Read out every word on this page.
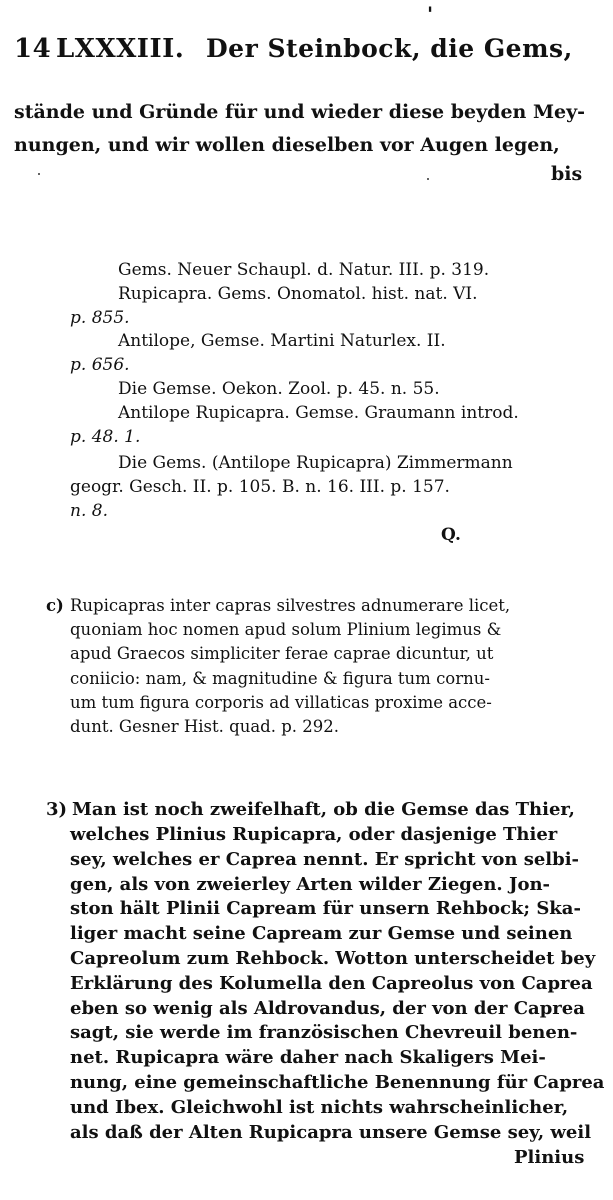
14 LXXXIII. Der Steinbock, die Gems,
'
stände und Gründe für und wieder diese beyden Mey-
nungen, und wir wollen dieselben vor Augen legen,
bis
Gems. Neuer Schaupl. d. Natur. III. p. 319.
Rupicapra. Gems. Onomatol. hist. nat. VI.
p. 855.
Antilope, Gemse. Martini Naturlex. II.
p. 656.
Die Gemse. Oekon. Zool. p. 45. n. 55.
Antilope Rupicapra. Gemse. Graumann introd.
p. 48. 1.
Die Gems. (Antilope Rupicapra) Zimmermann
geogr. Gesch. II. p. 105. B. n. 16. III. p. 157.
n. 8.
Q.
c) Rupicapras inter capras silvestres adnumerare licet,
quoniam hoc nomen apud solum Plinium legimus &
apud Graecos simpliciter ferae caprae dicuntur, ut
coniicio: nam, & magnitudine & figura tum cornu-
um tum figura corporis ad villaticas proxime acce-
dunt. Gesner Hist. quad. p. 292.
3) Man ist noch zweifelhaft, ob die Gemse das Thier,
welches Plinius Rupicapra, oder dasjenige Thier
sey, welches er Caprea nennt. Er spricht von selbi-
gen, als von zweierley Arten wilder Ziegen. Jon-
ston hält Plinii Capream für unsern Rehbock; Ska-
liger macht seine Capream zur Gemse und seinen
Capreolum zum Rehbock. Wotton unterscheidet bey
Erklärung des Kolumella den Capreolus von Caprea
eben so wenig als Aldrovandus, der von der Caprea
sagt, sie werde im französischen Chevreuil benen-
net. Rupicapra wäre daher nach Skaligers Mei-
nung, eine gemeinschaftliche Benennung für Caprea
und Ibex. Gleichwohl ist nichts wahrscheinlicher,
als daß der Alten Rupicapra unsere Gemse sey, weil
Plinius
